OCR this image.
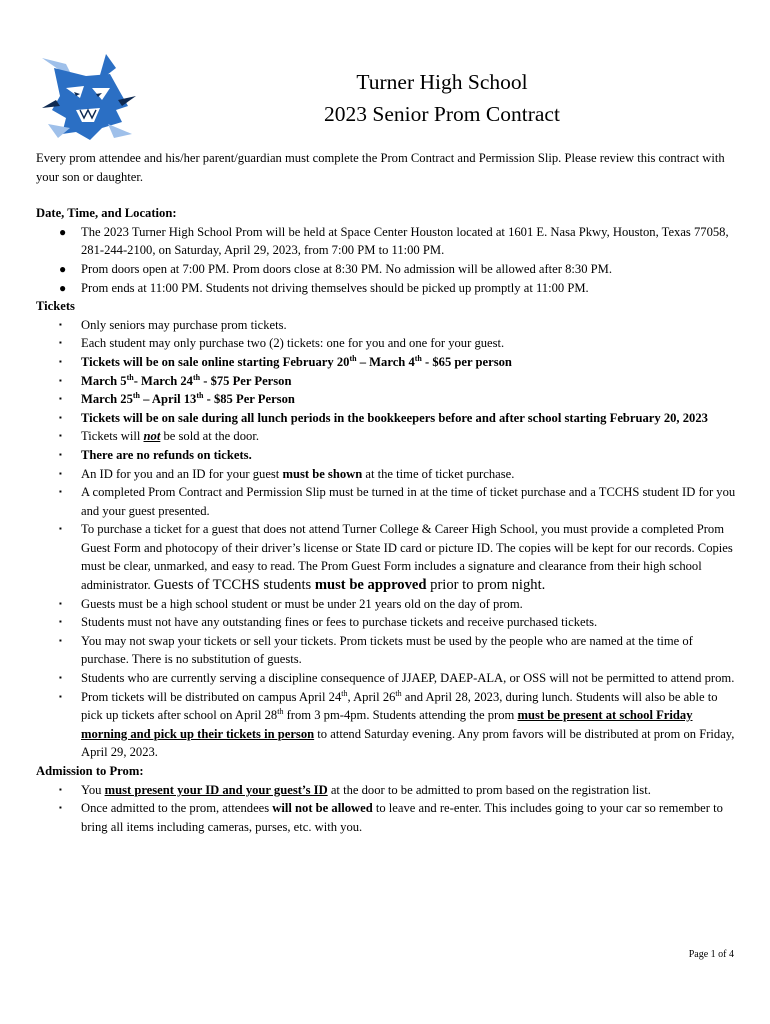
Turner High School
2023 Senior Prom Contract

Every prom attendee and his/her parent/guardian must complete the Prom Contract and Permission Slip. Please review this contract with your son or daughter.

Date, Time, and Location:

● The 2023 Turner High School Prom will be held at Space Center Houston located at 1601 E. Nasa Pkwy, Houston, Texas 77058, 281-244-2100, on Saturday, April 29, 2023, from 7:00 PM to 11:00 PM.
● Prom doors open at 7:00 PM. Prom doors close at 8:30 PM. No admission will be allowed after 8:30 PM.
● Prom ends at 11:00 PM. Students not driving themselves should be picked up promptly at 11:00 PM.

Tickets

▪ Only seniors may purchase prom tickets.
▪ Each student may only purchase two (2) tickets: one for you and one for your guest.
▪ Tickets will be on sale online starting February 20th – March 4th - $65 per person
▪ March 5th- March 24th - $75 Per Person
▪ March 25th – April 13th - $85 Per Person
▪ Tickets will be on sale during all lunch periods in the bookkeepers before and after school starting February 20, 2023
▪ Tickets will not be sold at the door.
▪ There are no refunds on tickets.
▪ An ID for you and an ID for your guest must be shown at the time of ticket purchase.
▪ A completed Prom Contract and Permission Slip must be turned in at the time of ticket purchase and a TCCHS student ID for you and your guest presented.
▪ To purchase a ticket for a guest that does not attend Turner College & Career High School, you must provide a completed Prom Guest Form and photocopy of their driver’s license or State ID card or picture ID. The copies will be kept for our records. Copies must be clear, unmarked, and easy to read. The Prom Guest Form includes a signature and clearance from their high school administrator. Guests of TCCHS students must be approved prior to prom night.
▪ Guests must be a high school student or must be under 21 years old on the day of prom.
▪ Students must not have any outstanding fines or fees to purchase tickets and receive purchased tickets.
▪ You may not swap your tickets or sell your tickets. Prom tickets must be used by the people who are named at the time of purchase. There is no substitution of guests.
▪ Students who are currently serving a discipline consequence of JJAEP, DAEP-ALA, or OSS will not be permitted to attend prom.
▪ Prom tickets will be distributed on campus April 24th, April 26th and April 28, 2023, during lunch. Students will also be able to pick up tickets after school on April 28th from 3 pm-4pm. Students attending the prom must be present at school Friday morning and pick up their tickets in person to attend Saturday evening. Any prom favors will be distributed at prom on Friday, April 29, 2023.

Admission to Prom:

▪ You must present your ID and your guest’s ID at the door to be admitted to prom based on the registration list.
▪ Once admitted to the prom, attendees will not be allowed to leave and re-enter. This includes going to your car so remember to bring all items including cameras, purses, etc. with you.
Page 1 of 4
